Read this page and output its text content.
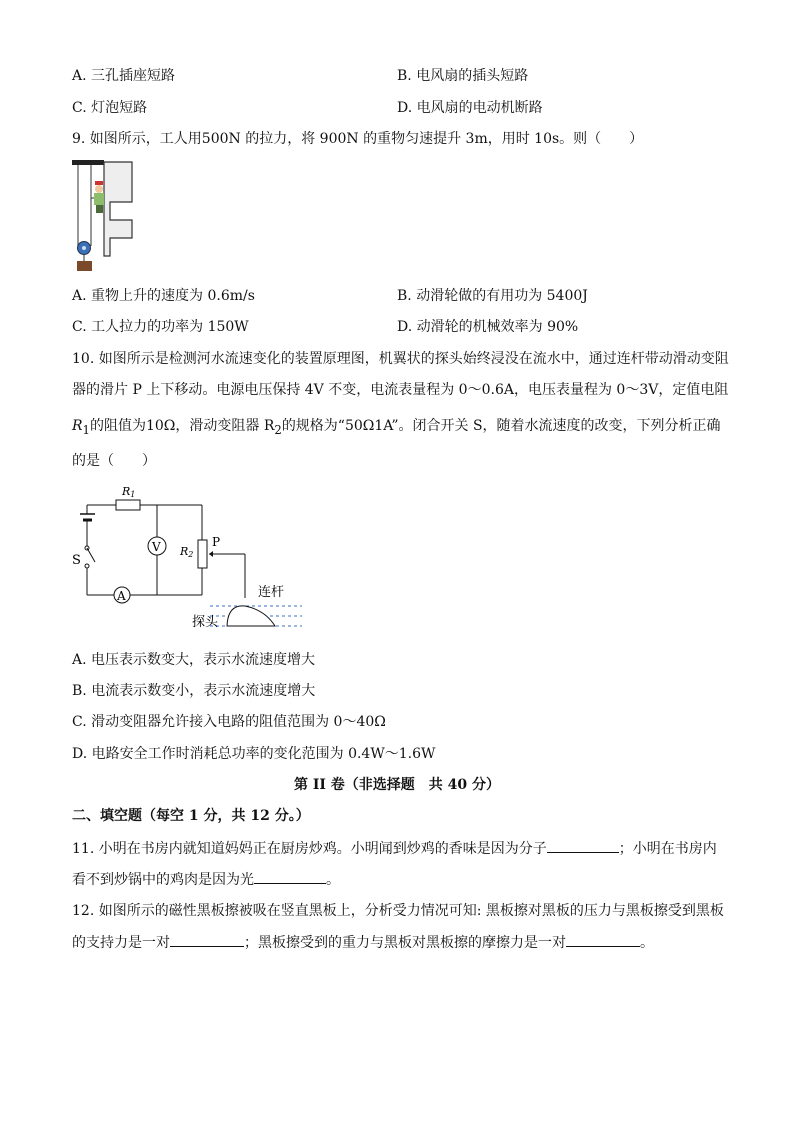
A. 三孔插座短路	B. 电风扇的插头短路
C. 灯泡短路	D. 电风扇的电动机断路
9. 如图所示，工人用500N 的拉力，将 900N 的重物匀速提升 3m，用时 10s。则（　　）
A. 重物上升的速度为 0.6m/s	B. 动滑轮做的有用功为 5400J
C. 工人拉力的功率为 150W	D. 动滑轮的机械效率为 90%
10. 如图所示是检测河水流速变化的装置原理图，机翼状的探头始终浸没在流水中，通过连杆带动滑动变阻
器的滑片 P 上下移动。电源电压保持 4V 不变，电流表量程为 0～0.6A，电压表量程为 0～3V，定值电阻
$R_1$的阻值为10Ω，滑动变阻器 $R_2$的规格为“50Ω1A”。闭合开关 S，随着水流速度的改变，下列分析正确
的是（　　）
S
R1
V R2
P
连杆
A
探头
A. 电压表示数变大，表示水流速度增大
B. 电流表示数变小，表示水流速度增大
C. 滑动变阻器允许接入电路的阻值范围为 0～40Ω
D. 电路安全工作时消耗总功率的变化范围为 0.4W～1.6W
第 II 卷（非选择题　共 40 分）
二、填空题（每空 1 分，共 12 分。）
11. 小明在书房内就知道妈妈正在厨房炒鸡。小明闻到炒鸡的香味是因为分子	；小明在书房内
看不到炒锅中的鸡肉是因为光	。
12. 如图所示的磁性黑板擦被吸在竖直黑板上，分析受力情况可知: 黑板擦对黑板的压力与黑板擦受到黑板
的支持力是一对	；黑板擦受到的重力与黑板对黑板擦的摩擦力是一对	。
